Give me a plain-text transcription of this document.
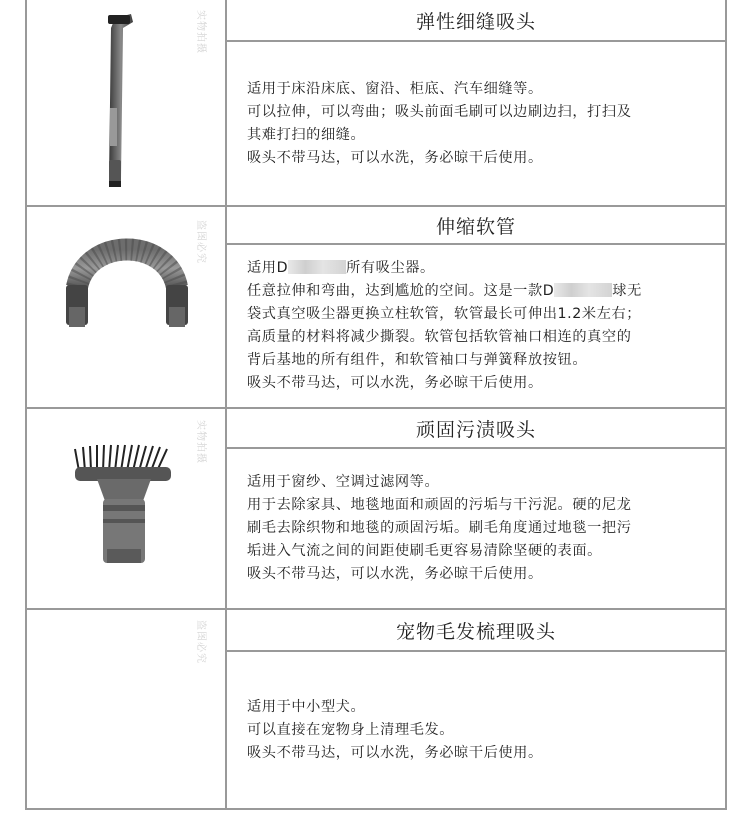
弹性细缝吸头
适用于床沿床底、窗沿、柜底、汽车细缝等。
可以拉伸，可以弯曲；吸头前面毛刷可以边刷边扫，打扫及
其难打扫的细缝。
吸头不带马达，可以水洗，务必晾干后使用。
伸缩软管
适用D	所有吸尘器。
任意拉伸和弯曲，达到尴尬的空间。这是一款D	球无
袋式真空吸尘器更换立柱软管，软管最长可伸出1.2米左右；
高质量的材料将减少撕裂。软管包括软管袖口相连的真空的
背后基地的所有组件，和软管袖口与弹簧释放按钮。
吸头不带马达，可以水洗，务必晾干后使用。
顽固污渍吸头
适用于窗纱、空调过滤网等。
用于去除家具、地毯地面和顽固的污垢与干污泥。硬的尼龙
刷毛去除织物和地毯的顽固污垢。刷毛角度通过地毯一把污
垢进入气流之间的间距使刷毛更容易清除坚硬的表面。
吸头不带马达，可以水洗，务必晾干后使用。
宠物毛发梳理吸头
适用于中小型犬。
可以直接在宠物身上清理毛发。
吸头不带马达，可以水洗，务必晾干后使用。
实物拍摄
盗图必究
实物拍摄
盗图必究
